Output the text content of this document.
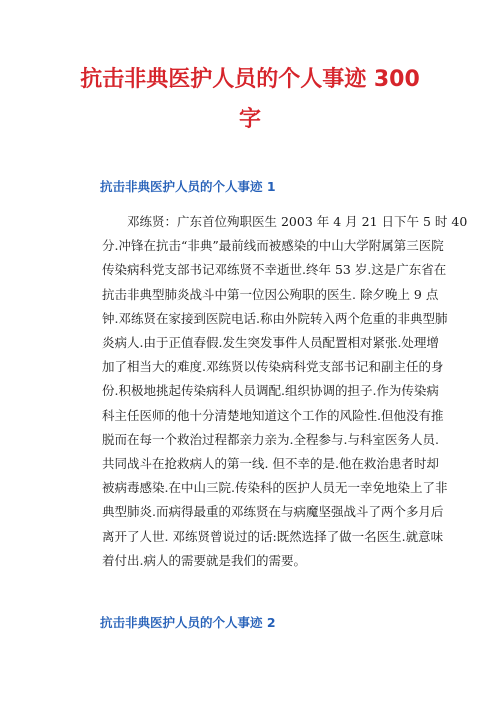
抗击非典医护人员的个人事迹 300
字
抗击非典医护人员的个人事迹 1
邓练贤：广东首位殉职医生 2003 年 4 月 21 日下午 5 时 40
分.冲锋在抗击“非典”最前线而被感染的中山大学附属第三医院
传染病科党支部书记邓练贤不幸逝世.终年 53 岁.这是广东省在
抗击非典型肺炎战斗中第一位因公殉职的医生. 除夕晚上 9 点
钟.邓练贤在家接到医院电话.称由外院转入两个危重的非典型肺
炎病人.由于正值春假.发生突发事件人员配置相对紧张.处理增
加了相当大的难度.邓练贤以传染病科党支部书记和副主任的身
份.积极地挑起传染病科人员调配.组织协调的担子.作为传染病
科主任医师的他十分清楚地知道这个工作的风险性.但他没有推
脱而在每一个救治过程都亲力亲为.全程参与.与科室医务人员.
共同战斗在抢救病人的第一线. 但不幸的是.他在救治患者时却
被病毒感染.在中山三院.传染科的医护人员无一幸免地染上了非
典型肺炎.而病得最重的邓练贤在与病魔坚强战斗了两个多月后
离开了人世. 邓练贤曾说过的话:既然选择了做一名医生.就意味
着付出.病人的需要就是我们的需要。
抗击非典医护人员的个人事迹 2
